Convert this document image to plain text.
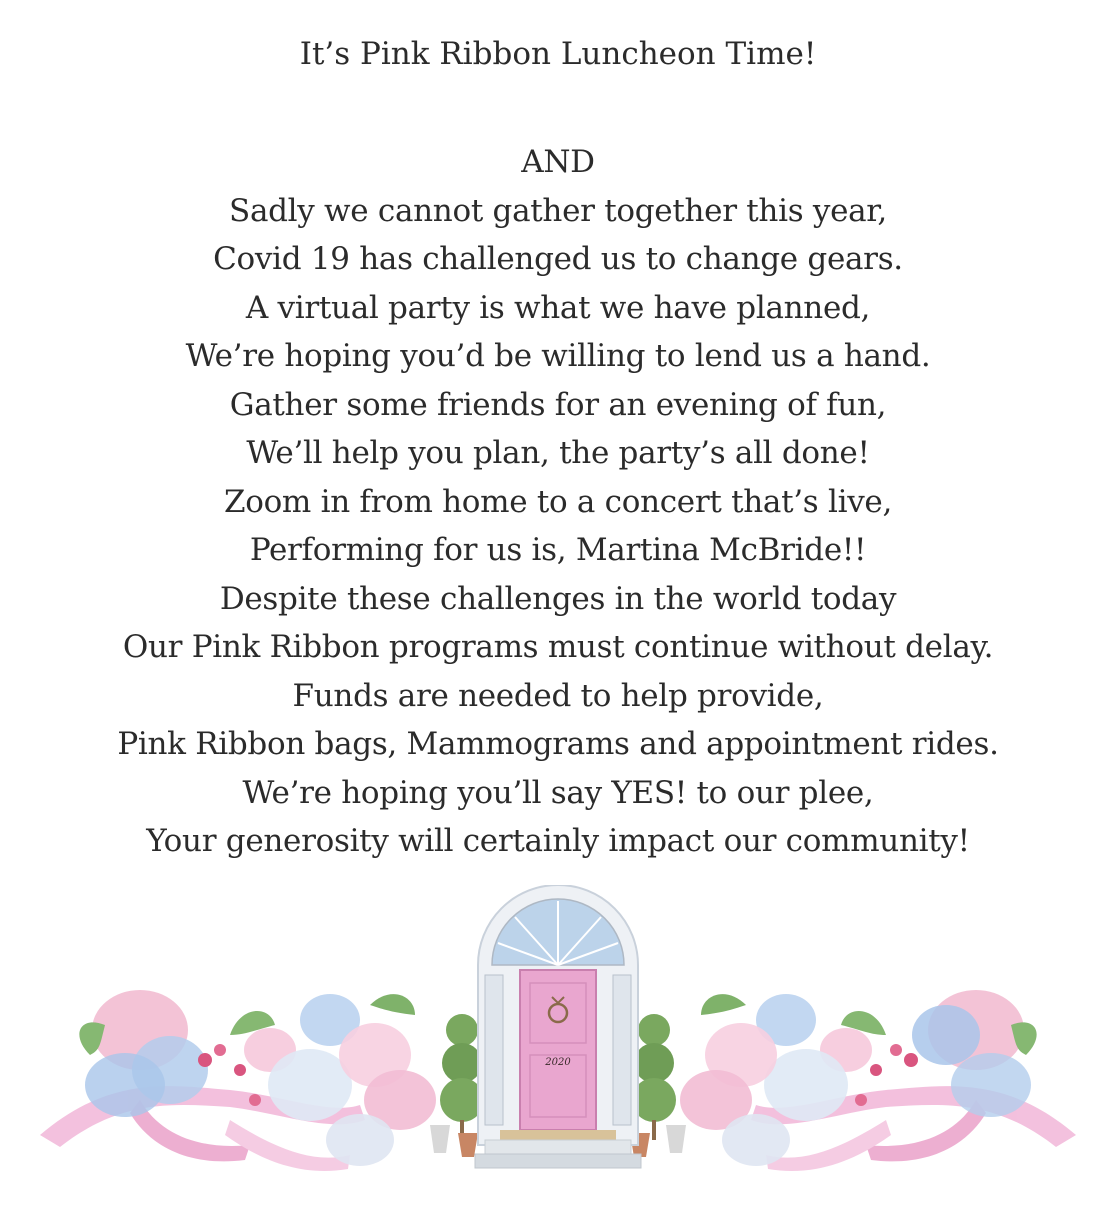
It’s Pink Ribbon Luncheon Time!
AND
Sadly we cannot gather together this year,
Covid 19 has challenged us to change gears.
A virtual party is what we have planned,
We’re hoping you’d be willing to lend us a hand.
Gather some friends for an evening of fun,
We’ll help you plan, the party’s all done!
Zoom in from home to a concert that’s live,
Performing for us is, Martina McBride!!
Despite these challenges in the world today
Our Pink Ribbon programs must continue without delay.
Funds are needed to help provide,
Pink Ribbon bags, Mammograms and appointment rides.
We’re hoping you’ll say YES! to our plee,
Your generosity will certainly impact our community!
2020
